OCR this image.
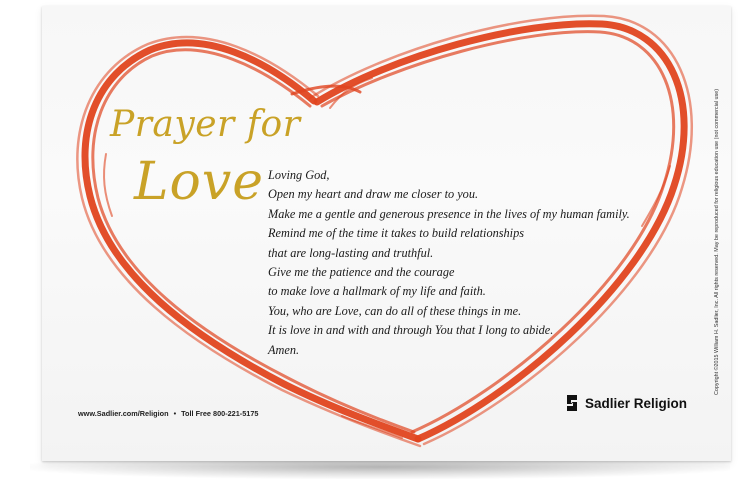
Prayer for
Love Loving God,
Open my heart and draw me closer to you.
Make me a gentle and generous presence in the lives of my human family.
Remind me of the time it takes to build relationships
that are long-lasting and truthful.
Give me the patience and the courage
to make love a hallmark of my life and faith.
You, who are Love, can do all of these things in me.
It is love in and with and through You that I long to abide.
Amen.
Sadlier Religion
www.Sadlier.com/Religion • Toll Free 800-221-5175
Copyright ©2015 William H. Sadlier, Inc. All rights reserved. May be reproduced for religious education use (not commercial use)
